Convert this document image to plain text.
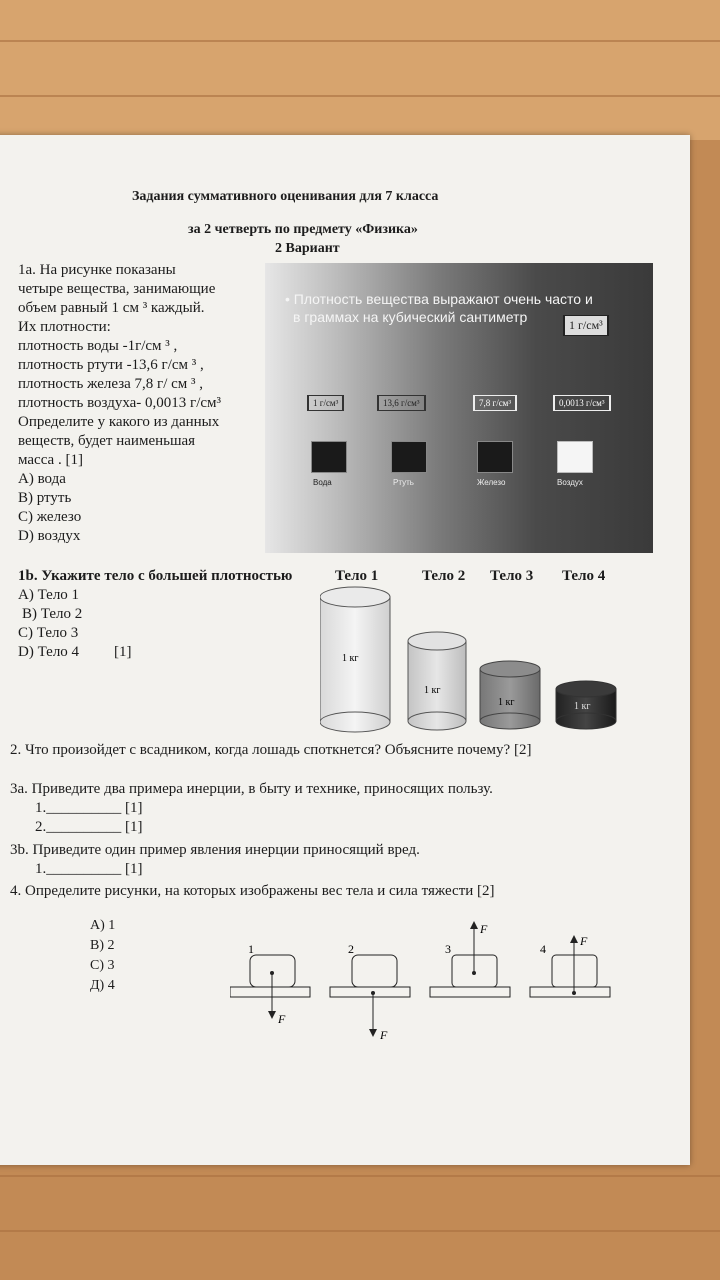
Задания суммативного оценивания для 7 класса
за 2 четверть по предмету «Физика»
2 Вариант
1a. На рисунке показаны
четыре вещества, занимающие
объем равный 1 см ³ каждый.
Их плотности:
плотность воды -1г/см ³ ,
плотность ртути -13,6 г/см ³ ,
плотность железа 7,8 г/ см ³ ,
плотность воздуха- 0,0013 г/см³
Определите у какого из данных
веществ, будет наименьшая
масса . [1]
A) вода
B) ртуть
C) железо
D) воздух
1b. Укажите тело с большей плотностью
A) Тело 1
B) Тело 2
C) Тело 3
D) Тело 4 [1]
Тело 1	Тело 2 Тело 3 Тело 4
1 кг
1 кг
1 кг	1 кг
2. Что произойдет с всадником, когда лошадь споткнется? Объясните почему? [2]
3a. Приведите два примера инерции, в быту и технике, приносящих пользу.
1.__________ [1]
2.__________ [1]
3b. Приведите один пример явления инерции приносящий вред.
1.__________ [1]
4. Определите рисунки, на которых изображены вес тела и сила тяжести [2]
A) 1
B) 2
C) 3
Д) 4
1
F
2
F
3
F
4
F
• Плотность вещества выражают очень часто и
в граммах на кубический сантиметр	1 г/см³
1 г/см³	13,6 г/см³	7,8 г/см³	0,0013 г/см³
Вода	Ртуть	Железо	Воздух
